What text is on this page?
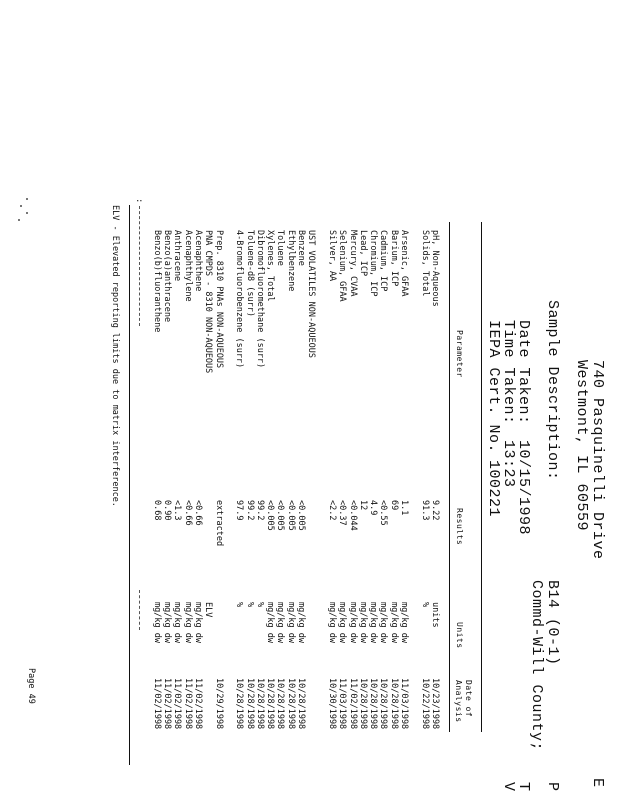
740 Pasquinelli Drive
Westmont, IL 60559
E
Sample Description:
B14 (0-1)
Commd-Will County;
P
Date Taken:
10/15/1998
T
Time Taken:
13:23
V
IEPA Cert. No.
100221
Parameter
Results
Units
Date of
Analysis
pH, Non-Aqueous
9.22
units
10/23/1998
Solids, Total
91.3
%
10/22/1998
Arsenic, GFAA
1.1
mg/kg dw
11/03/1998
Barium, ICP
69
mg/kg dw
10/28/1998
Cadmium, ICP
<0.55
mg/kg dw
10/28/1998
Chromium, ICP
4.9
mg/kg dw
10/28/1998
Lead, ICP
12
mg/kg dw
10/28/1998
Mercury, CVAA
<0.044
mg/kg dw
11/02/1998
Selenium, GFAA
<0.37
mg/kg dw
11/03/1998
Silver, AA
<2.2
mg/kg dw
10/30/1998
UST VOLATILES NON-AQUEOUS
Benzene
<0.005
mg/kg dw
10/28/1998
Ethylbenzene
<0.005
mg/kg dw
10/28/1998
Toluene
<0.005
mg/kg dw
10/28/1998
Xylenes, Total
<0.005
mg/kg dw
10/28/1998
Dibromofluoromethane (surr)
99.2
%
10/28/1998
Toluene-d8 (surr)
99.2
%
10/28/1998
4-Bromofluorobenzene (surr)
97.9
%
10/28/1998
Prep. 8310 PNAs NON-AQUEOUS
extracted
10/29/1998
PNA CMPDS - 8310 NON-AQUEOUS
ELV
Acenaphthene
<0.66
mg/kg dw
11/02/1998
Acenaphthylene
<0.66
mg/kg dw
11/02/1998
Anthracene
<1.3
mg/kg dw
11/02/1998
Benzo(a)anthracene
0.90
mg/kg dw
11/02/1998
Benzo(b)fluoranthene
0.68
mg/kg dw
11/02/1998
ELV - Elevated reporting limits due to matrix interference.
:
Page 49
